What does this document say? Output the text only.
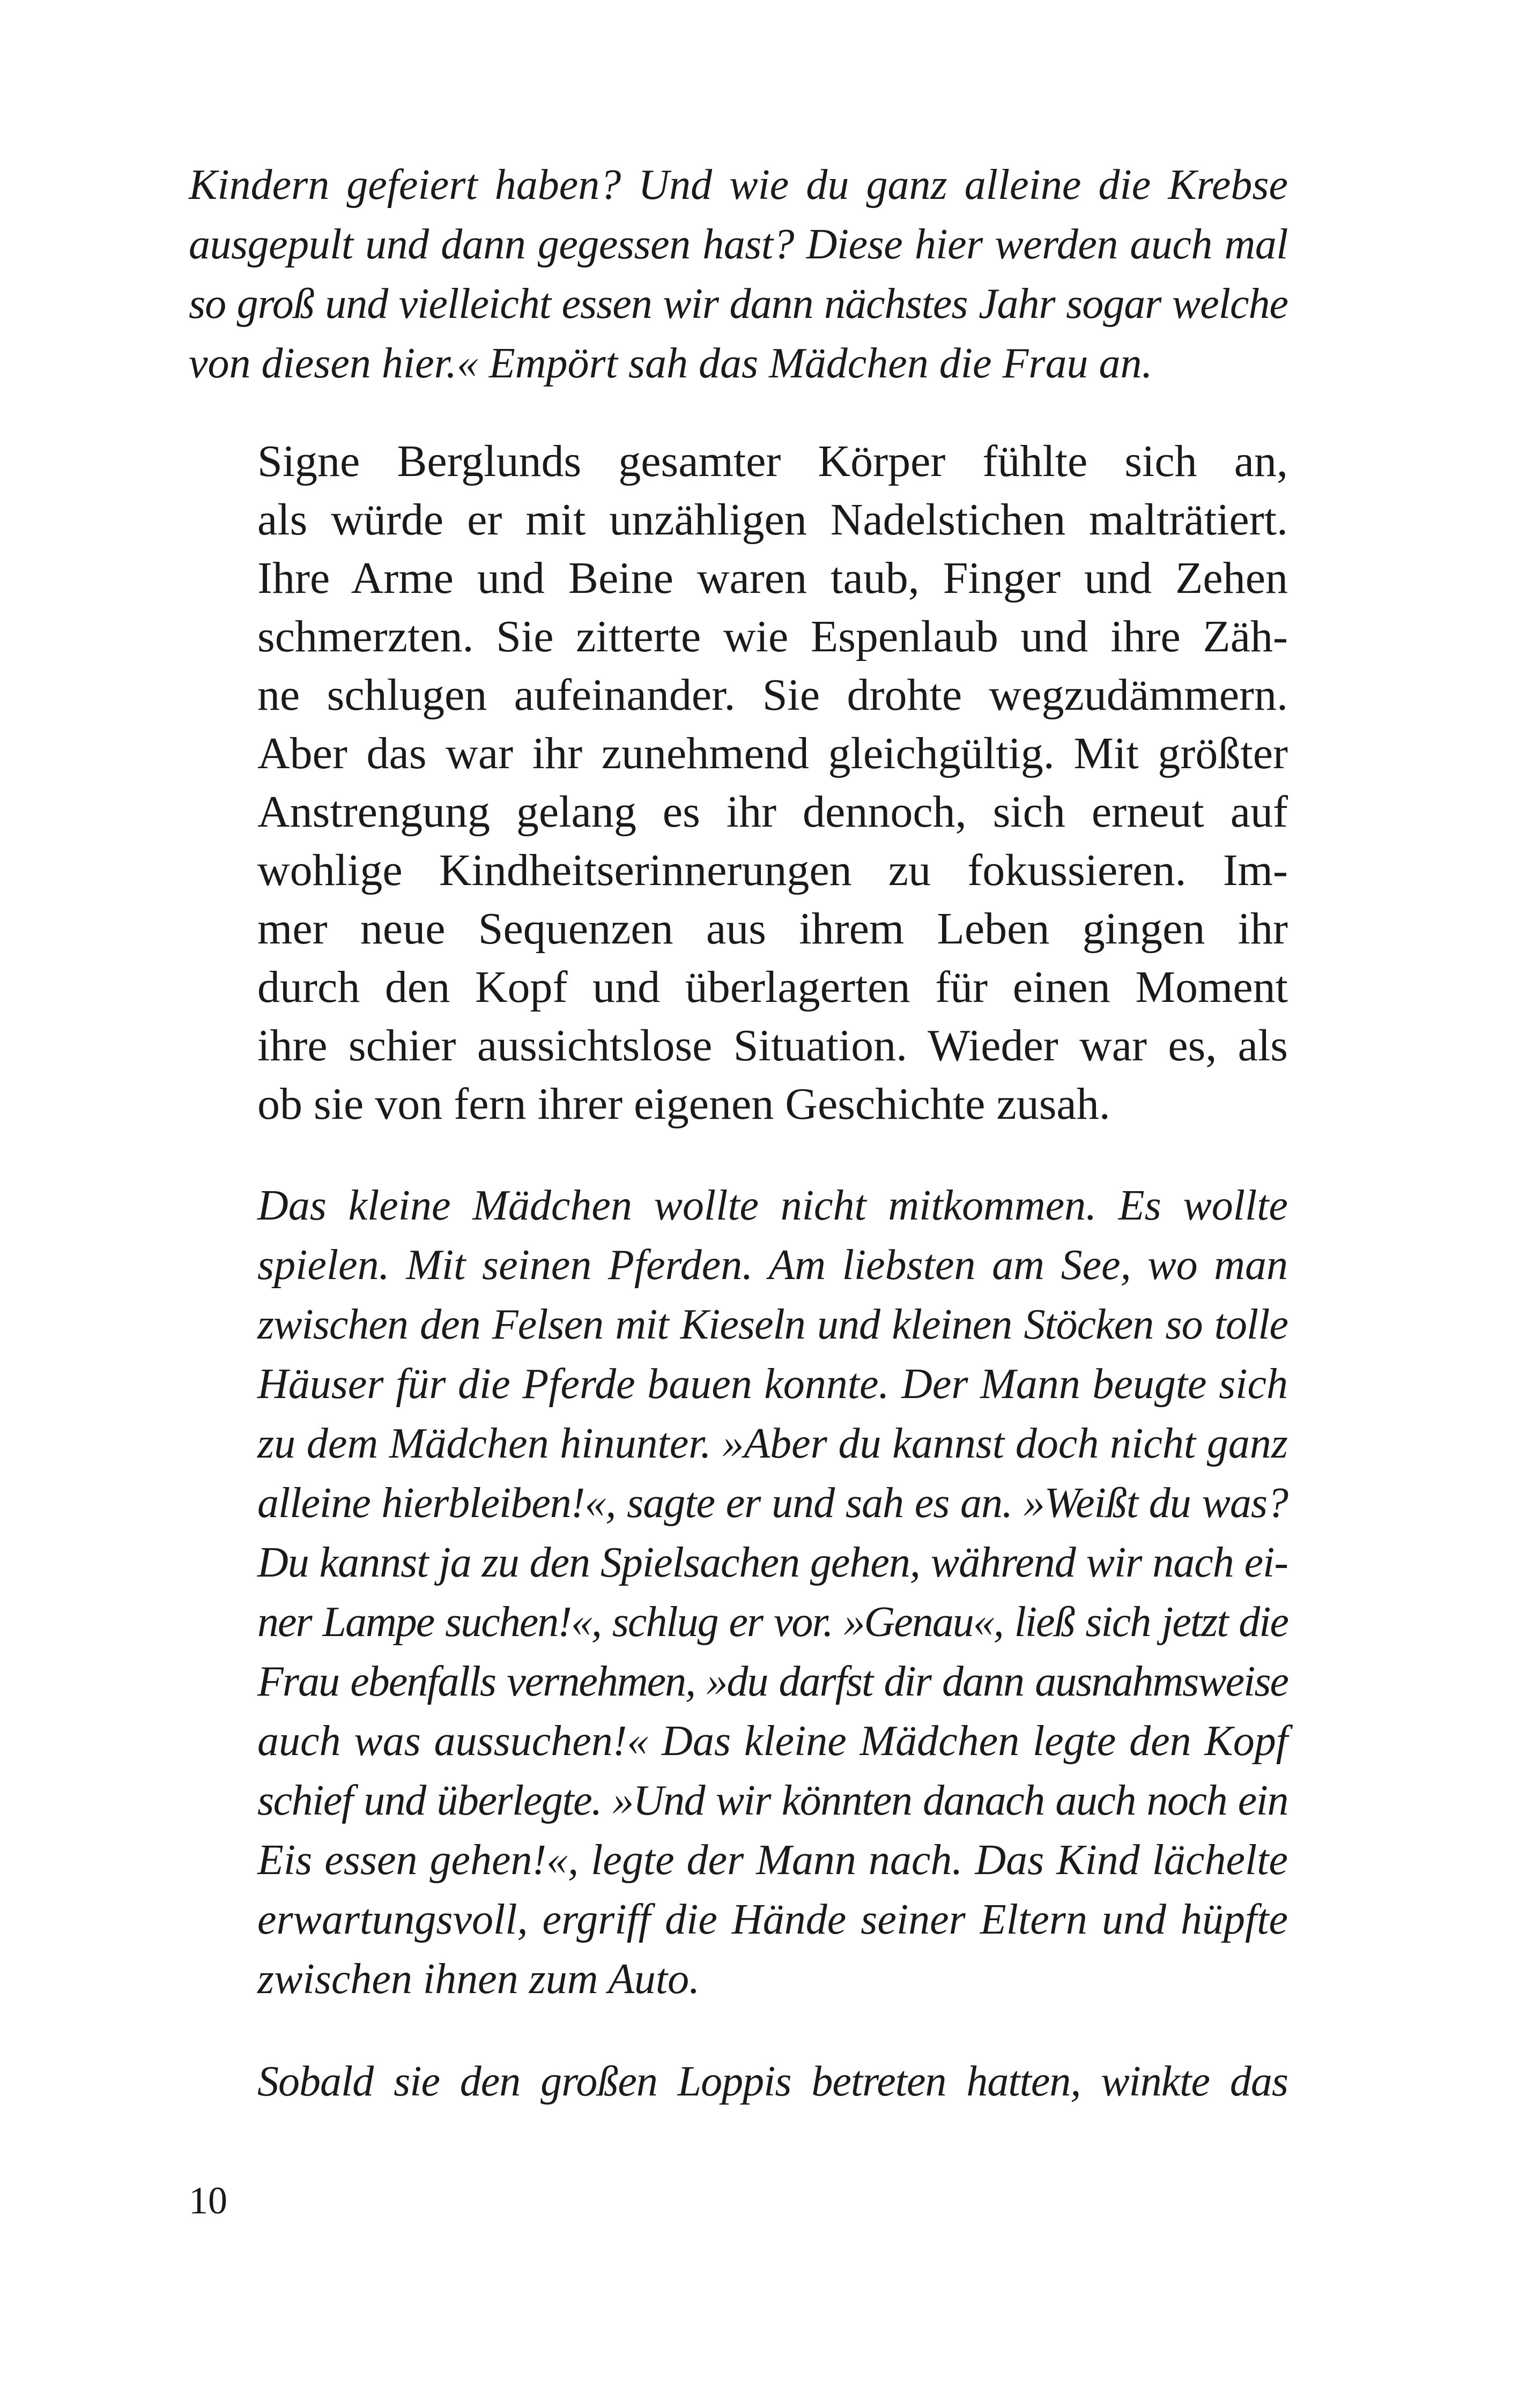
Kindern gefeiert haben? Und wie du ganz alleine die Krebse
ausgepult und dann gegessen hast? Diese hier werden auch mal
so groß und vielleicht essen wir dann nächstes Jahr sogar welche
von diesen hier.« Empört sah das Mädchen die Frau an.

Signe Berglunds gesamter Körper fühlte sich an,
als würde er mit unzähligen Nadelstichen malträtiert.
Ihre Arme und Beine waren taub, Finger und Zehen
schmerzten. Sie zitterte wie Espenlaub und ihre Zäh-
ne schlugen aufeinander. Sie drohte wegzudämmern.
Aber das war ihr zunehmend gleichgültig. Mit größter
Anstrengung gelang es ihr dennoch, sich erneut auf
wohlige Kindheitserinnerungen zu fokussieren. Im-
mer neue Sequenzen aus ihrem Leben gingen ihr
durch den Kopf und überlagerten für einen Moment
ihre schier aussichtslose Situation. Wieder war es, als
ob sie von fern ihrer eigenen Geschichte zusah.

Das kleine Mädchen wollte nicht mitkommen. Es wollte
spielen. Mit seinen Pferden. Am liebsten am See, wo man
zwischen den Felsen mit Kieseln und kleinen Stöcken so tolle
Häuser für die Pferde bauen konnte. Der Mann beugte sich
zu dem Mädchen hinunter. »Aber du kannst doch nicht ganz
alleine hierbleiben!«, sagte er und sah es an. »Weißt du was?
Du kannst ja zu den Spielsachen gehen, während wir nach ei-
ner Lampe suchen!«, schlug er vor. »Genau«, ließ sich jetzt die
Frau ebenfalls vernehmen, »du darfst dir dann ausnahmsweise
auch was aussuchen!« Das kleine Mädchen legte den Kopf
schief und überlegte. »Und wir könnten danach auch noch ein
Eis essen gehen!«, legte der Mann nach. Das Kind lächelte
erwartungsvoll, ergriff die Hände seiner Eltern und hüpfte
zwischen ihnen zum Auto.

Sobald sie den großen Loppis betreten hatten, winkte das

10
